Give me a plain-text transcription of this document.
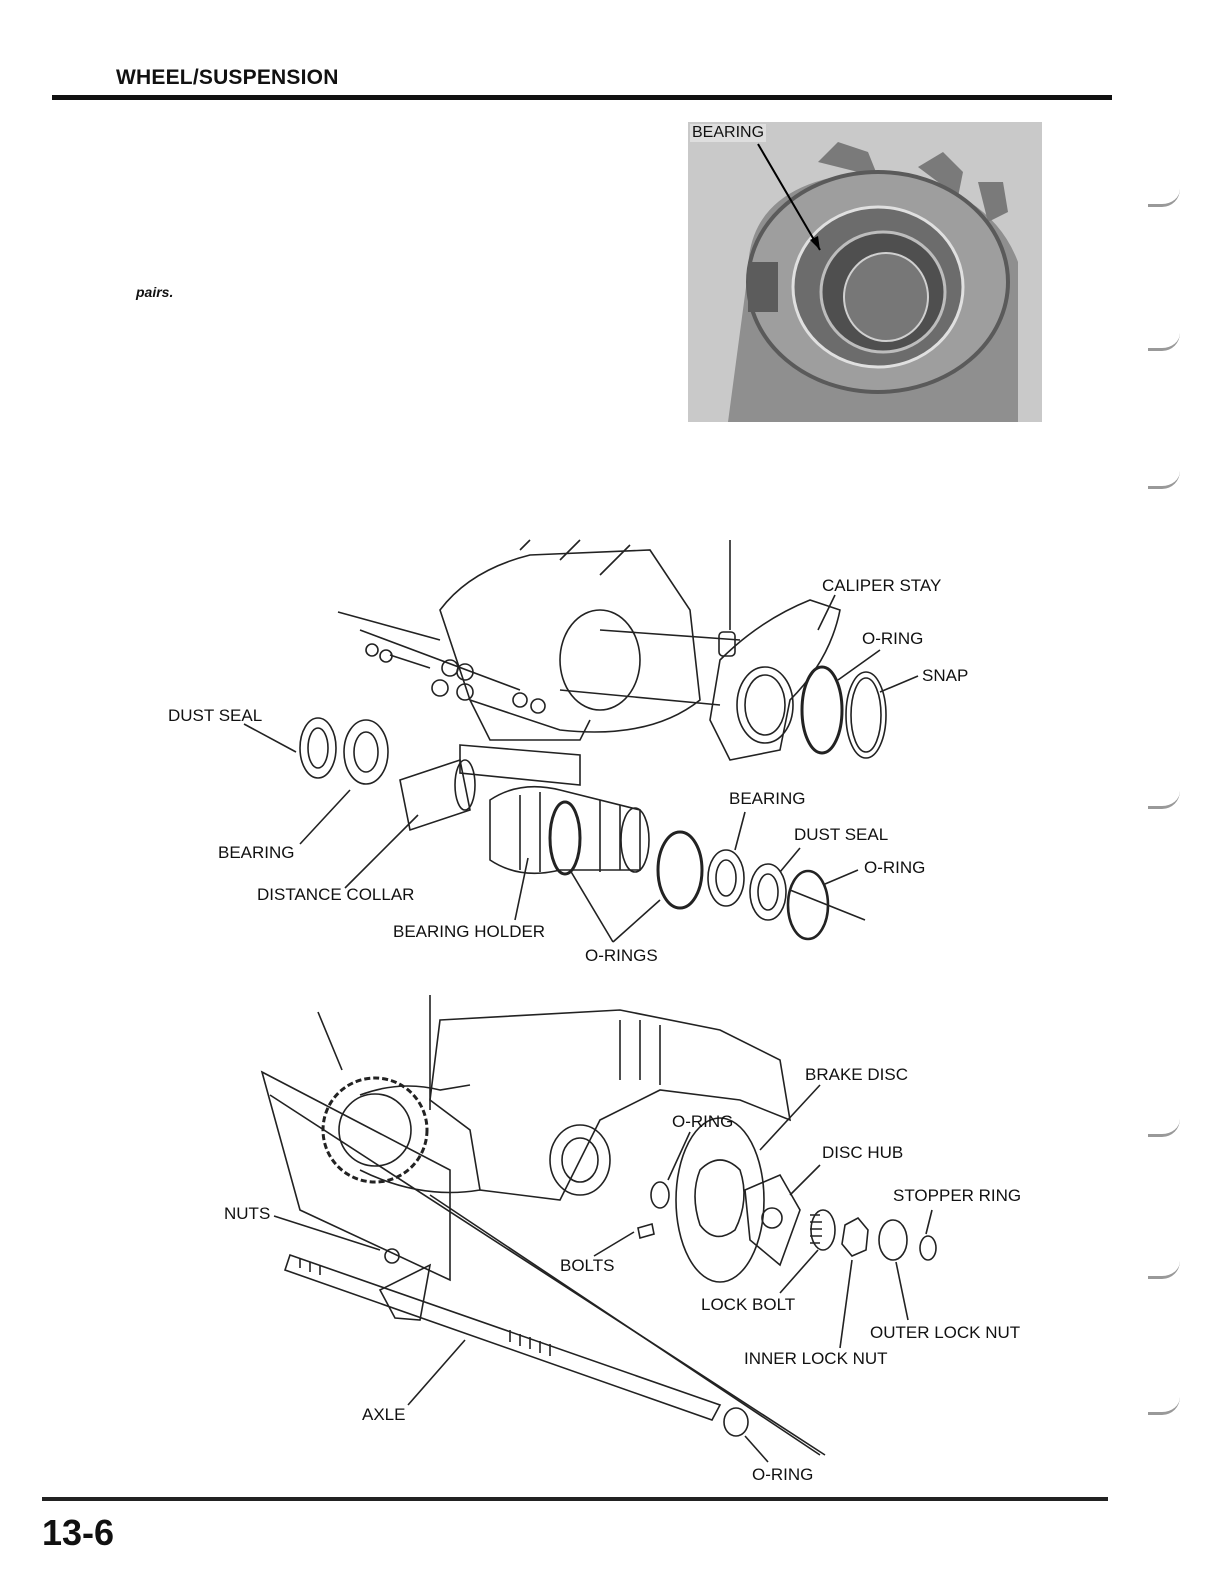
WHEEL/SUSPENSION
pairs.
BEARING
CALIPER STAY
O-RING
SNAP
DUST SEAL
BEARING
DISTANCE COLLAR
BEARING HOLDER
O-RINGS
BEARING
DUST SEAL
O-RING
BRAKE DISC
O-RING
DISC HUB
STOPPER RING
NUTS
BOLTS
LOCK BOLT
OUTER LOCK NUT
INNER LOCK NUT
AXLE
O-RING
13-6
